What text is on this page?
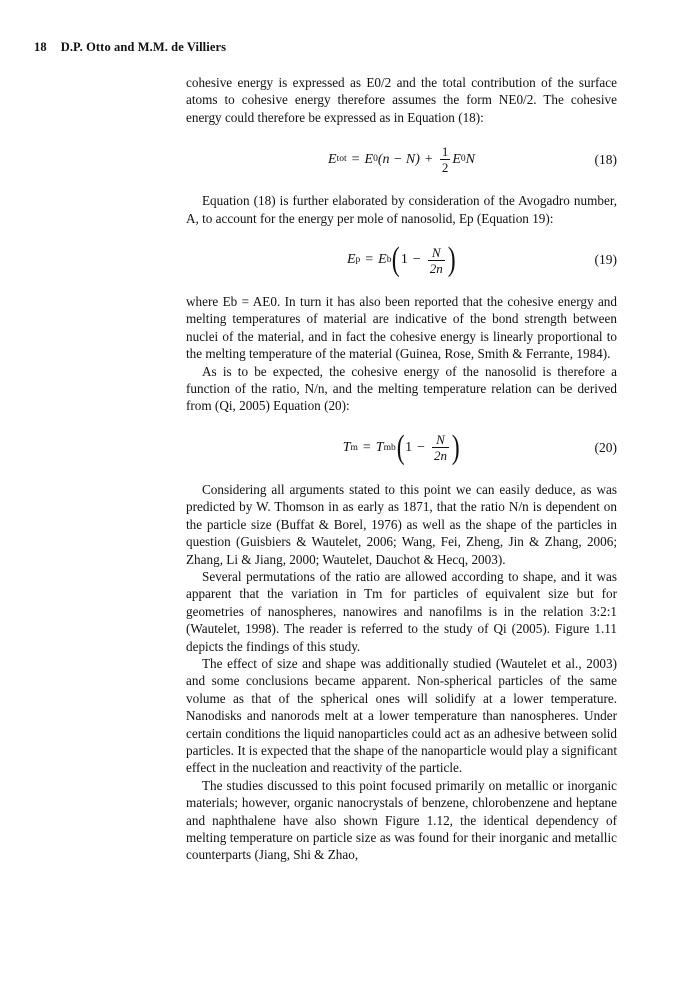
18 D.P. Otto and M.M. de Villiers

cohesive energy is expressed as E0/2 and the total contribution of the surface atoms to cohesive energy therefore assumes the form NE0/2. The cohesive energy could therefore be expressed as in Equation (18):

E tot = E 0 $(n - N) + \frac{1}{2}$ E 0 N	(18)

Equation (18) is further elaborated by consideration of the Avogadro number, A, to account for the energy per mole of nanosolid, Ep (Equation 19):

E p = E b ( $1 - \frac{N}{2n}$ )	(19)

where Eb = AE0. In turn it has also been reported that the cohesive energy and melting temperatures of material are indicative of the bond strength between nuclei of the material, and in fact the cohesive energy is linearly proportional to the melting temperature of the material (Guinea, Rose, Smith & Ferrante, 1984).

As is to be expected, the cohesive energy of the nanosolid is therefore a function of the ratio, N/n, and the melting temperature relation can be derived from (Qi, 2005) Equation (20):

T m = T mb ( $1 - \frac{N}{2n}$ )	(20)

Considering all arguments stated to this point we can easily deduce, as was predicted by W. Thomson in as early as 1871, that the ratio N/n is dependent on the particle size (Buffat & Borel, 1976) as well as the shape of the particles in question (Guisbiers & Wautelet, 2006; Wang, Fei, Zheng, Jin & Zhang, 2006; Zhang, Li & Jiang, 2000; Wautelet, Dauchot & Hecq, 2003).

Several permutations of the ratio are allowed according to shape, and it was apparent that the variation in Tm for particles of equivalent size but for geometries of nanospheres, nanowires and nanofilms is in the relation 3:2:1 (Wautelet, 1998). The reader is referred to the study of Qi (2005). Figure 1.11 depicts the findings of this study.

The effect of size and shape was additionally studied (Wautelet et al., 2003) and some conclusions became apparent. Non-spherical particles of the same volume as that of the spherical ones will solidify at a lower temperature. Nanodisks and nanorods melt at a lower temperature than nanospheres. Under certain conditions the liquid nanoparticles could act as an adhesive between solid particles. It is expected that the shape of the nanoparticle would play a significant effect in the nucleation and reactivity of the particle.

The studies discussed to this point focused primarily on metallic or inorganic materials; however, organic nanocrystals of benzene, chlorobenzene and heptane and naphthalene have also shown Figure 1.12, the identical dependency of melting temperature on particle size as was found for their inorganic and metallic counterparts (Jiang, Shi & Zhao,
